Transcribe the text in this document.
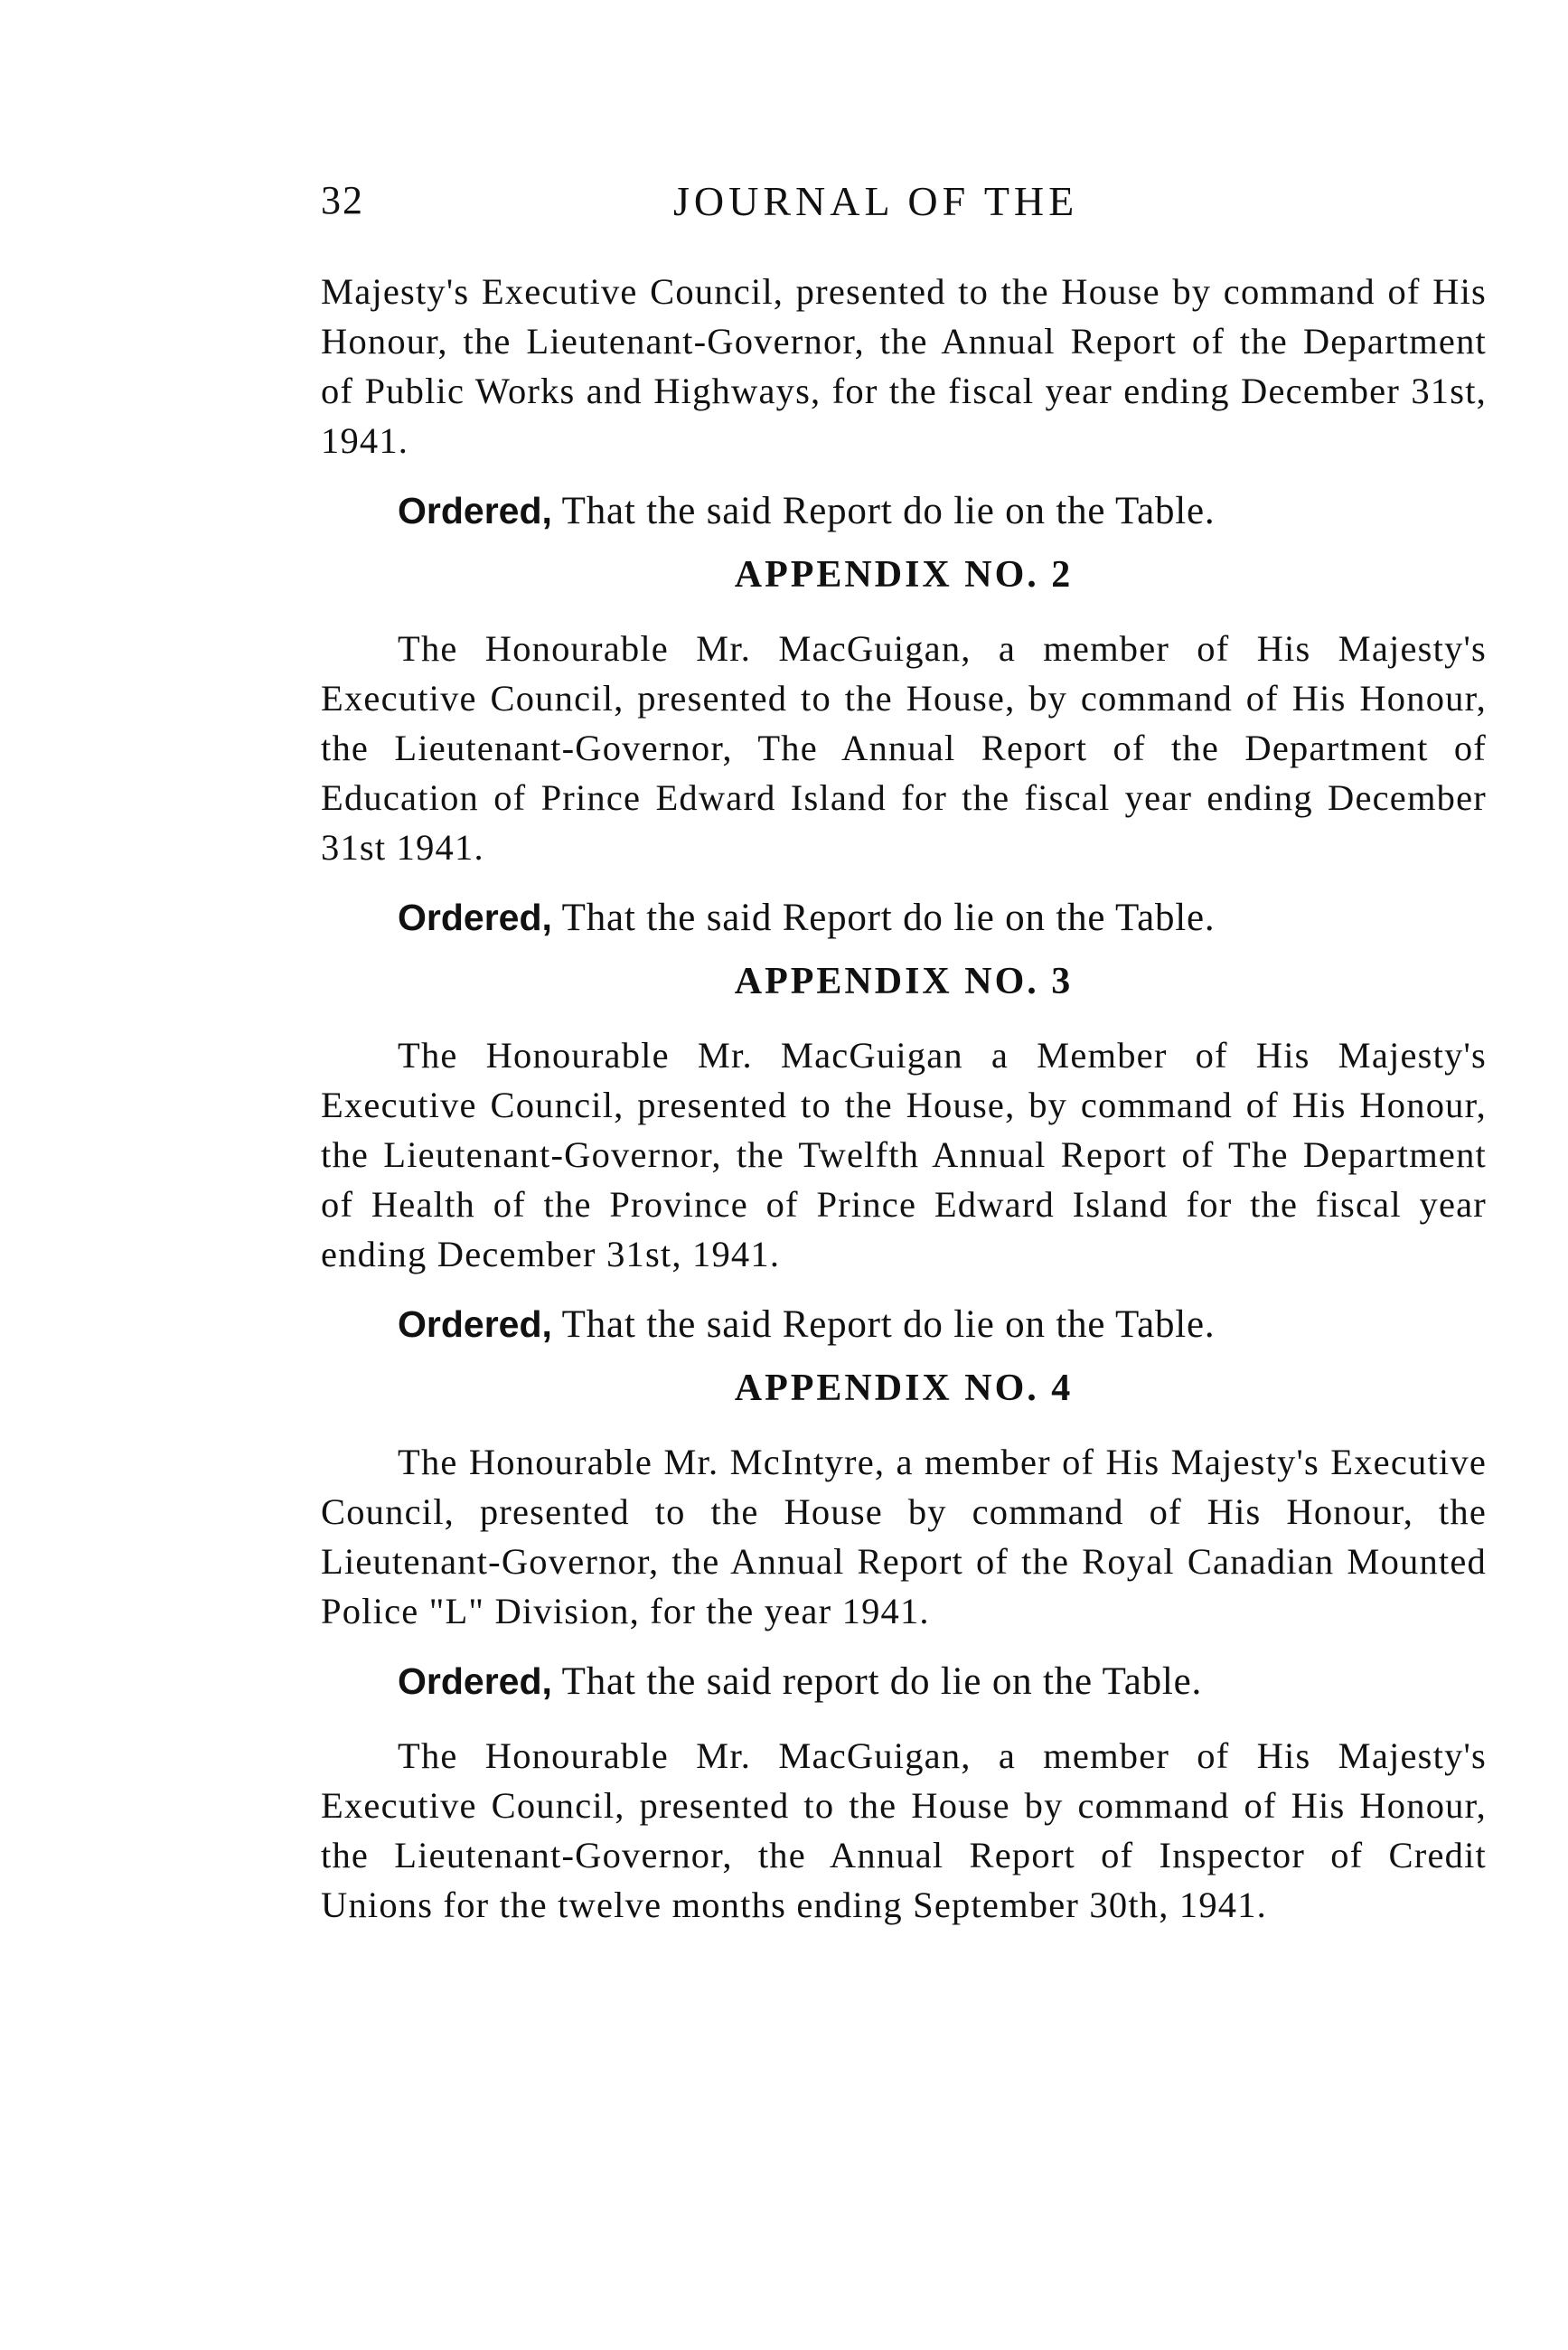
32	JOURNAL OF THE

Majesty's Executive Council, presented to the House by command of His Honour, the Lieutenant-Governor, the Annual Report of the Department of Public Works and Highways, for the fiscal year ending December 31st, 1941.

Ordered, That the said Report do lie on the Table.

APPENDIX NO. 2

The Honourable Mr. MacGuigan, a member of His Majesty's Executive Council, presented to the House, by command of His Honour, the Lieutenant-Governor, The Annual Report of the Department of Education of Prince Edward Island for the fiscal year ending December 31st 1941.

Ordered, That the said Report do lie on the Table.

APPENDIX NO. 3

The Honourable Mr. MacGuigan a Member of His Majesty's Executive Council, presented to the House, by command of His Honour, the Lieutenant-Governor, the Twelfth Annual Report of The Department of Health of the Province of Prince Edward Island for the fiscal year ending December 31st, 1941.

Ordered, That the said Report do lie on the Table.

APPENDIX NO. 4

The Honourable Mr. McIntyre, a member of His Majesty's Executive Council, presented to the House by command of His Honour, the Lieutenant-Governor, the Annual Report of the Royal Canadian Mounted Police "L" Division, for the year 1941.

Ordered, That the said report do lie on the Table.

The Honourable Mr. MacGuigan, a member of His Majesty's Executive Council, presented to the House by command of His Honour, the Lieutenant-Governor, the Annual Report of Inspector of Credit Unions for the twelve months ending September 30th, 1941.
